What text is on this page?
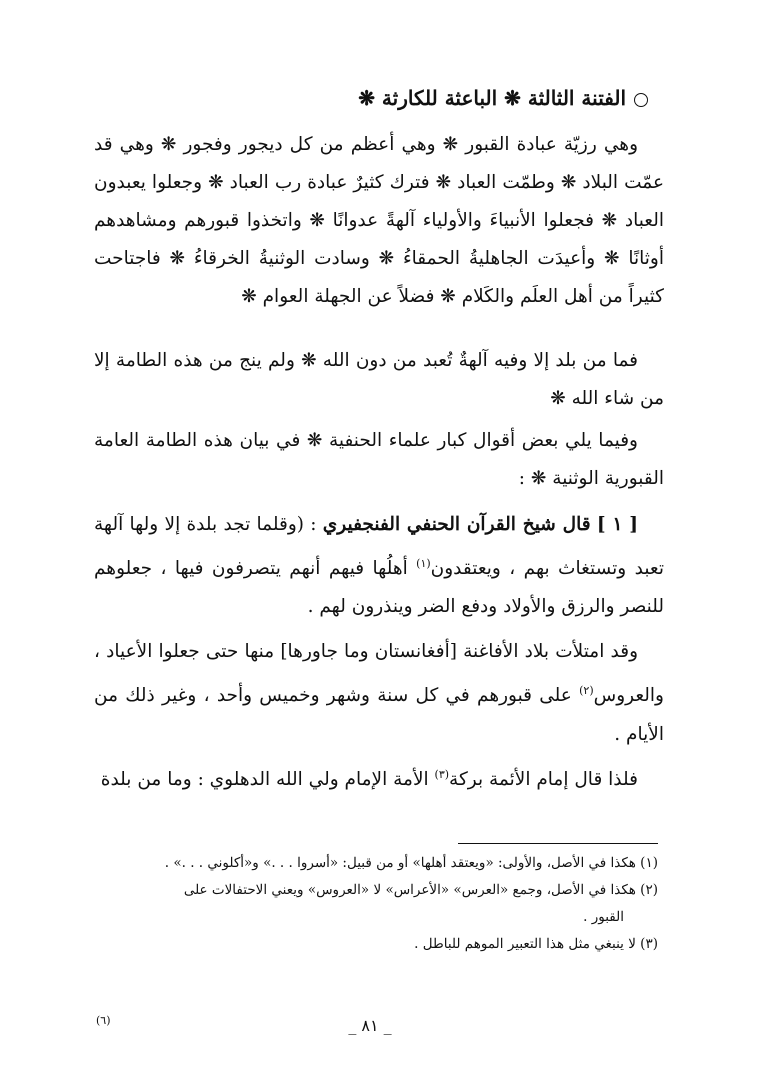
الفتنة الثالثة ❋ الباعثة للكارثة ❋

وهي رزيّة عبادة القبور ❋ وهي أعظم من كل ديجور وفجور ❋ وهي قد عمّت البلاد ❋ وطمّت العباد ❋ فترك كثيرٌ عبادة رب العباد ❋ وجعلوا يعبدون العباد ❋ فجعلوا الأنبياءَ والأولياء آلهةً عدوانًا ❋ واتخذوا قبورهم ومشاهدهم أوثانًا ❋ وأعيدَت الجاهليةُ الحمقاءُ ❋ وسادت الوثنيةُ الخرقاءُ ❋ فاجتاحت كثيراً من أهل العلَم والكَلام ❋ فضلاً عن الجهلة العوام ❋

فما من بلد إلا وفيه آلهةٌ تُعبد من دون الله ❋ ولم ينج من هذه الطامة إلا من شاء الله ❋

وفيما يلي بعض أقوال كبار علماء الحنفية ❋ في بيان هذه الطامة العامة القبورية الوثنية ❋ :

[ ١ ] قال شيخ القرآن الحنفي الفنجفيري : (وقلما تجد بلدة إلا ولها آلهة تعبد وتستغاث بهم ، ويعتقدون$^{(١)}$ أهلُها فيهم أنهم يتصرفون فيها ، جعلوهم للنصر والرزق والأولاد ودفع الضر وينذرون لهم .

وقد امتلأت بلاد الأفاغنة [أفغانستان وما جاورها] منها حتى جعلوا الأعياد ، والعروس$^{(٢)}$ على قبورهم في كل سنة وشهر وخميس وأحد ، وغير ذلك من الأيام .

فلذا قال إمام الأئمة بركة$^{(٣)}$ الأمة الإمام ولي الله الدهلوي : وما من بلدة

(١) هكذا في الأصل، والأولى: «ويعتقد أهلها» أو من قبيل: «أسروا . . .» و«أكلوني . . .» .

(٢) هكذا في الأصل، وجمع «العرس» «الأعراس» لا «العروس» ويعني الاحتفالات على

القبور .

(٣) لا ينبغي مثل هذا التعبير الموهم للباطل .

_ ٨١ _
(٦)
